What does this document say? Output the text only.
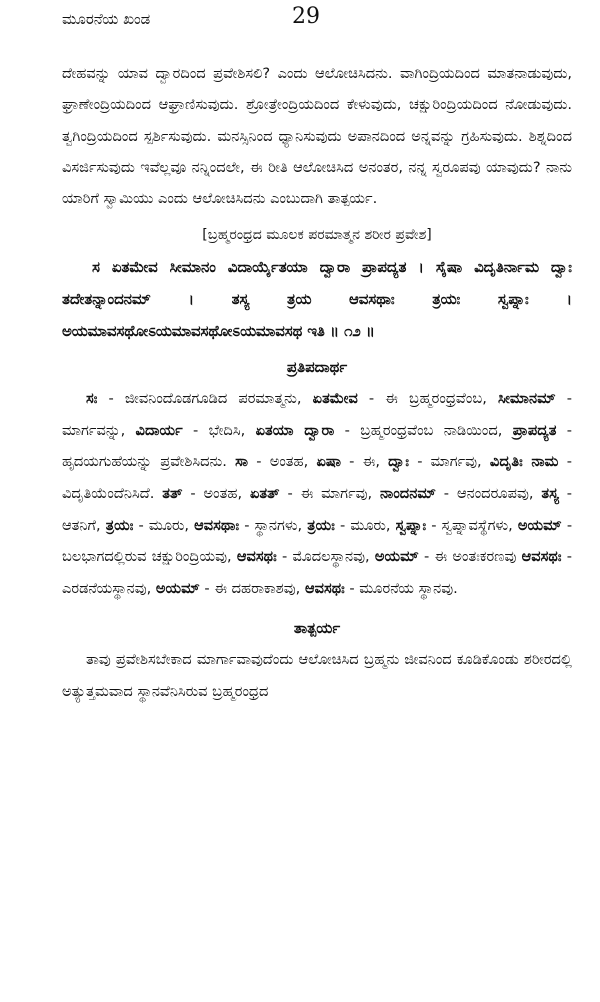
ಮೂರನೆಯ ಖಂಡ	29

ದೇಹವನ್ನು ಯಾವ ದ್ವಾರದಿಂದ ಪ್ರವೇಶಿಸಲಿ? ಎಂದು ಆಲೋಚಿಸಿದನು. ವಾಗಿಂದ್ರಿಯದಿಂದ ಮಾತನಾಡುವುದು, ಘ್ರಾಣೇಂದ್ರಿಯದಿಂದ ಆಘ್ರಾಣಿಸುವುದು. ಶ್ರೋತ್ರೇಂದ್ರಿಯದಿಂದ ಕೇಳುವುದು, ಚಕ್ಷುರಿಂದ್ರಿಯದಿಂದ ನೋಡುವುದು. ತ್ವಗಿಂದ್ರಿಯದಿಂದ ಸ್ಪರ್ಶಿಸುವುದು. ಮನಸ್ಸಿನಿಂದ ಧ್ಯಾನಿಸುವುದು ಅಪಾನದಿಂದ ಅನ್ನವನ್ನು ಗ್ರಹಿಸುವುದು. ಶಿಶ್ನದಿಂದ ವಿಸರ್ಜಿಸುವುದು ಇವೆಲ್ಲವೂ ನನ್ನಿಂದಲೇ, ಈ ರೀತಿ ಆಲೋಚಿಸಿದ ಅನಂತರ, ನನ್ನ ಸ್ವರೂಪವು ಯಾವುದು? ನಾನು ಯಾರಿಗೆ ಸ್ವಾಮಿಯು ಎಂದು ಆಲೋಚಿಸಿದನು ಎಂಬುದಾಗಿ ತಾತ್ಪರ್ಯ.

[ಬ್ರಹ್ಮರಂಧ್ರದ ಮೂಲಕ ಪರಮಾತ್ಮನ ಶರೀರ ಪ್ರವೇಶ]

ಸ ಏತಮೇವ ಸೀಮಾನಂ ವಿದಾರ್ಯೈತಯಾ ದ್ವಾರಾ ಪ್ರಾಪದ್ಯತ । ಸೈಷಾ ವಿದೃತಿರ್ನಾಮ ದ್ವಾಃ ತದೇತನ್ನಾಂದನಮ್ । ತಸ್ಯ ತ್ರಯ ಆವಸಥಾಃ ತ್ರಯಃ ಸ್ವಪ್ನಾಃ । ಅಯಮಾವಸಥೋಽಯಮಾವಸಥೋಽಯಮಾವಸಥ ಇತಿ ॥ ೧೨ ॥

ಪ್ರತಿಪದಾರ್ಥ

ಸಃ - ಜೀವನಿಂದೊಡಗೂಡಿದ ಪರಮಾತ್ಮನು, ಏತಮೇವ - ಈ ಬ್ರಹ್ಮರಂಧ್ರವೆಂಬ, ಸೀಮಾನಮ್ - ಮಾರ್ಗವನ್ನು, ವಿದಾರ್ಯ - ಭೇದಿಸಿ, ಏತಯಾ ದ್ವಾರಾ - ಬ್ರಹ್ಮರಂಧ್ರವೆಂಬ ನಾಡಿಯಿಂದ, ಪ್ರಾಪದ್ಯತ - ಹೃದಯಗುಹೆಯನ್ನು ಪ್ರವೇಶಿಸಿದನು. ಸಾ - ಅಂತಹ, ಏಷಾ - ಈ, ದ್ವಾಃ - ಮಾರ್ಗವು, ವಿದೃತಿಃ ನಾಮ - ವಿದೃತಿಯೆಂದೆನಿಸಿದೆ. ತತ್ - ಅಂತಹ, ಏತತ್ - ಈ ಮಾರ್ಗವು, ನಾಂದನಮ್ - ಆನಂದರೂಪವು, ತಸ್ಯ - ಆತನಿಗೆ, ತ್ರಯಃ - ಮೂರು, ಆವಸಥಾಃ - ಸ್ಥಾನಗಳು, ತ್ರಯಃ - ಮೂರು, ಸ್ವಪ್ನಾಃ - ಸ್ವಪ್ನಾವಸ್ಥೆಗಳು, ಅಯಮ್ - ಬಲಭಾಗದಲ್ಲಿರುವ ಚಕ್ಷುರಿಂದ್ರಿಯವು, ಆವಸಥಃ - ಮೊದಲಸ್ಥಾನವು, ಅಯಮ್ - ಈ ಅಂತಃಕರಣವು ಆವಸಥಃ - ಎರಡನೆಯಸ್ಥಾನವು, ಅಯಮ್ - ಈ ದಹರಾಕಾಶವು, ಆವಸಥಃ - ಮೂರನೆಯ ಸ್ಥಾನವು.

ತಾತ್ಪರ್ಯ

ತಾವು ಪ್ರವೇಶಿಸಬೇಕಾದ ಮಾರ್ಗಾವಾವುದೆಂದು ಆಲೋಚಿಸಿದ ಬ್ರಹ್ಮನು ಜೀವನಿಂದ ಕೂಡಿಕೊಂಡು ಶರೀರದಲ್ಲಿ ಅತ್ಯುತ್ತಮವಾದ ಸ್ಥಾನವೆನಿಸಿರುವ ಬ್ರಹ್ಮರಂಧ್ರದ
